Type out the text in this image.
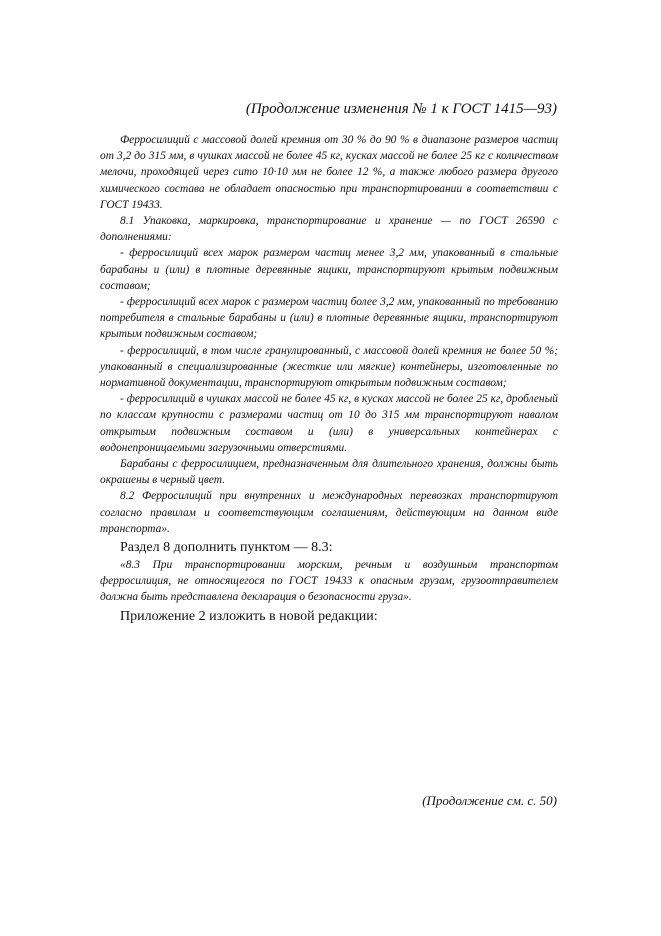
(Продолжение изменения № 1 к ГОСТ 1415—93)

Ферросилиций с массовой долей кремния от 30 % до 90 % в диапазоне размеров частиц от 3,2 до 315 мм, в чушках массой не более 45 кг, кусках массой не более 25 кг с количеством мелочи, проходящей через сито 10·10 мм не более 12 %, а также любого размера другого химического состава не обладает опасностью при транспортировании в соответствии с ГОСТ 19433.

8.1 Упаковка, маркировка, транспортирование и хранение — по ГОСТ 26590 с дополнениями:

- ферросилиций всех марок размером частиц менее 3,2 мм, упакованный в стальные барабаны и (или) в плотные деревянные ящики, транспортируют крытым подвижным составом;

- ферросилиций всех марок с размером частиц более 3,2 мм, упакованный по требованию потребителя в стальные барабаны и (или) в плотные деревянные ящики, транспортируют крытым подвижным составом;

- ферросилиций, в том числе гранулированный, с массовой долей кремния не более 50 %; упакованный в специализированные (жесткие или мягкие) контейнеры, изготовленные по нормативной документации, транспортируют открытым подвижным составом;

- ферросилиций в чушках массой не более 45 кг, в кусках массой не более 25 кг, дробленый по классам крупности с размерами частиц от 10 до 315 мм транспортируют навалом открытым подвижным составом и (или) в универсальных контейнерах с водонепроницаемыми загрузочными отверстиями.

Барабаны с ферросилицием, предназначенным для длительного хранения, должны быть окрашены в черный цвет.

8.2 Ферросилиций при внутренних и международных перевозках транспортируют согласно правилам и соответствующим соглашениям, действующим на данном виде транспорта».

Раздел 8 дополнить пунктом — 8.3:

«8.3 При транспортировании морским, речным и воздушным транспортом ферросилиция, не относящегося по ГОСТ 19433 к опасным грузам, грузоотправителем должна быть представлена декларация о безопасности груза».

Приложение 2 изложить в новой редакции:

(Продолжение см. с. 50)
